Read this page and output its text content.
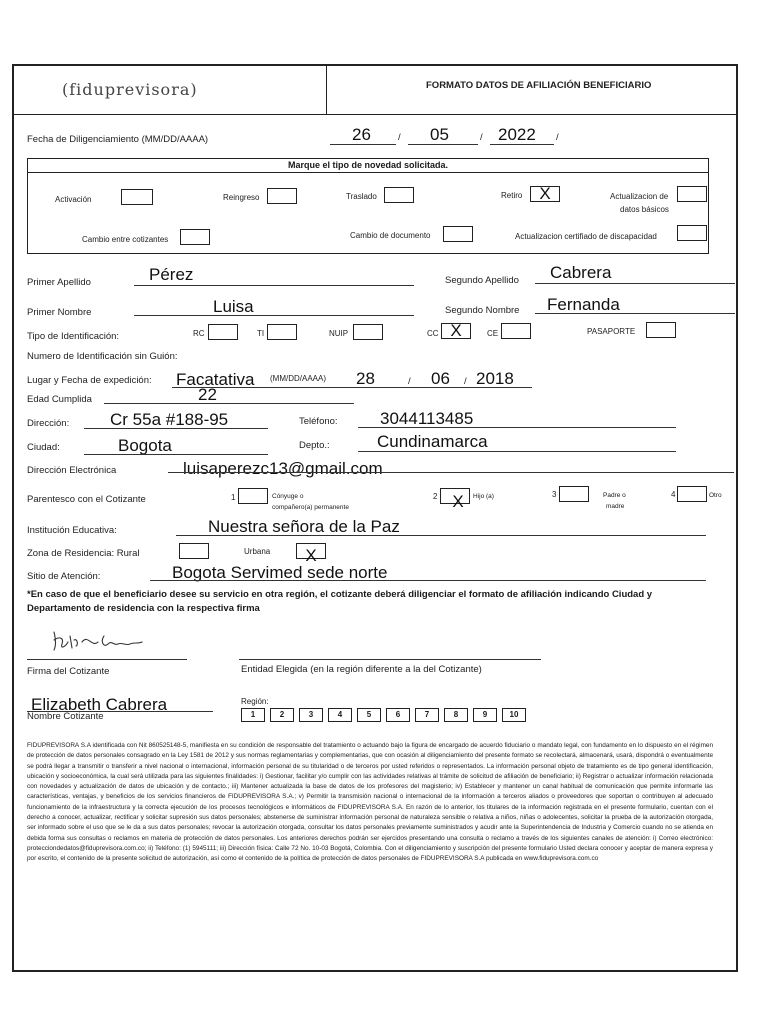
(fiduprevisora)	FORMATO DATOS DE AFILIACIÓN BENEFICIARIO
Fecha de Diligenciamiento (MM/DD/AAAA)	26	/ 05	/ 2022 /
Marque el tipo de novedad solicitada.
Activación	Reingreso	Traslado	Retiro X	Actualizacion de
datos básicos
Cambio entre cotizantes	Cambio de documento	Actualizacion certifiado de discapacidad
Primer Apellido	Pérez	Segundo Apellido Cabrera
Primer Nombre	Luisa	Segundo Nombre Fernanda
Tipo de Identificación:	RC	TI	NUIP	CC X	CE	PASAPORTE
Numero de Identificación sin Guión:
Lugar y Fecha de expedición: Facatativa (MM/DD/AAAA) 28	/ 06 / 2018
Edad Cumplida	22
Dirección: Cr 55a #188-95	Teléfono: 3044113485
Ciudad:	Bogota	Depto.:	Cundinamarca
Dirección Electrónica	luisaperezc13@gmail.com
Parentesco con el Cotizante	1	Cónyuge o
compañero(a) permanente
2 X	Hijo (a)	3	Padre o
madre
4	Otro
Institución Educativa:	Nuestra señora de la Paz
Zona de Residencia: Rural	Urbana	X
Sitio de Atención:	Bogota Servimed sede norte
*En caso de que el beneficiario desee su servicio en otra región, el cotizante deberá diligenciar el formato de afiliación indicando Ciudad y Departamento de residencia con la respectiva firma
Firma del Cotizante	Entidad Elegida (en la región diferente a la del Cotizante)
Elizabeth Cabrera
Nombre Cotizante
Región:
1	2	3	4	5	6	7	8	9	10
FIDUPREVISORA S.A identificada con Nit 860525148-5, manifiesta en su condición de responsable del tratamiento o actuando bajo la figura de encargado de acuerdo fiduciario o mandato legal, con fundamento en lo dispuesto en el régimen de protección de datos personales consagrado en la Ley 1581 de 2012 y sus normas reglamentarias y complementarias, que con ocasión al diligenciamiento del presente formato se recolectará, almacenará, usará, dispondrá o eventualmente se podrá llegar a transmitir o transferir a nivel nacional o internacional, información personal de su titularidad o de terceros por usted referidos o representados. La información personal objeto de tratamiento es de tipo general identificación, ubicación y socioeconómica, la cual será utilizada para las siguientes finalidades: i) Gestionar, facilitar y/o cumplir con las actividades relativas al trámite de solicitud de afiliación de beneficiario; ii) Registrar o actualizar información relacionada con novedades y actualización de datos de ubicación y de contacto.; iii) Mantener actualizada la base de datos de los profesores del magisterio; iv) Establecer y mantener un canal habitual de comunicación que permite informarle las características, ventajas, y beneficios de los servicios financieros de FIDUPREVISORA S.A.; v) Permitir la transmisión nacional o internacional de la información a terceros aliados o proveedores que soportan o contribuyen al adecuado funcionamiento de la infraestructura y la correcta ejecución de los procesos tecnológicos e informáticos de FIDUPREVISORA S.A. En razón de lo anterior, los titulares de la información registrada en el presente formulario, cuentan con el derecho a conocer, actualizar, rectificar y solicitar supresión sus datos personales; abstenerse de suministrar información personal de naturaleza sensible o relativa a niños, niñas o adolecentes, solicitar la prueba de la autorización otorgada, ser informado sobre el uso que se le da a sus datos personales; revocar la autorización otorgada, consultar los datos personales previamente suministrados y acudir ante la Superintendencia de Industria y Comercio cuando no se atienda en debida forma sus consultas o reclamos en materia de protección de datos personales. Los anteriores derechos podrán ser ejercidos presentando una consulta o reclamo a través de los siguientes canales de atención: i) Correo electrónico: protecciondedatos@fiduprevisora.com.co; ii) Teléfono: (1) 5945111; iii) Dirección física: Calle 72 No. 10-03 Bogotá, Colombia. Con el diligenciamiento y suscripción del presente formulario Usted declara conocer y aceptar de manera expresa y por escrito, el contenido de la presente solicitud de autorización, así como el contenido de la política de protección de datos personales de FIDUPREVISORA S.A publicada en www.fiduprevisora.com.co
